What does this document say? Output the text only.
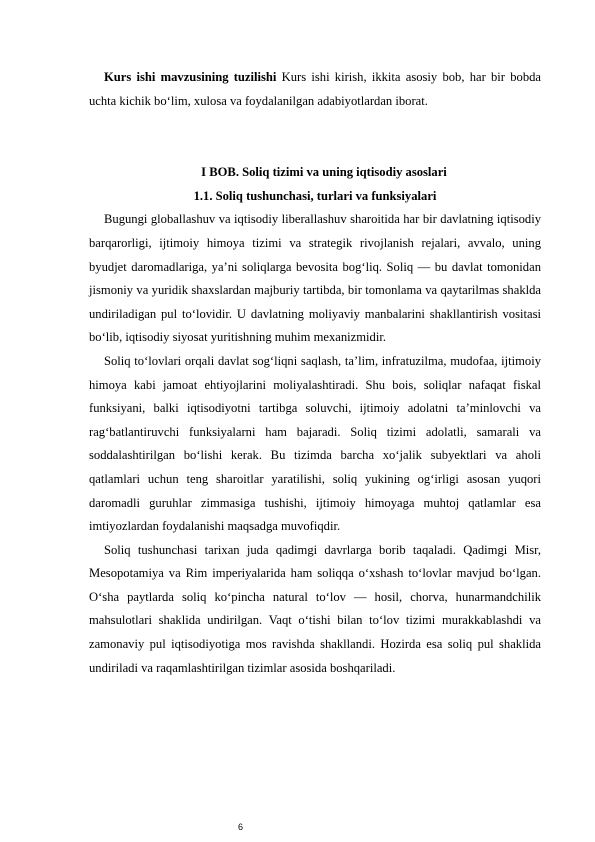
Kurs ishi mavzusining tuzilishi Kurs ishi kirish, ikkita asosiy bob, har bir bobda uchta kichik bo‘lim, xulosa va foydalanilgan adabiyotlardan iborat.

I BOB. Soliq tizimi va uning iqtisodiy asoslari
1.1. Soliq tushunchasi, turlari va funksiyalari

Bugungi globallashuv va iqtisodiy liberallashuv sharoitida har bir davlatning iqtisodiy barqarorligi, ijtimoiy himoya tizimi va strategik rivojlanish rejalari, avvalo, uning byudjet daromadlariga, ya’ni soliqlarga bevosita bog‘liq. Soliq — bu davlat tomonidan jismoniy va yuridik shaxslardan majburiy tartibda, bir tomonlama va qaytarilmas shaklda undiriladigan pul to‘lovidir. U davlatning moliyaviy manbalarini shakllantirish vositasi bo‘lib, iqtisodiy siyosat yuritishning muhim mexanizmidir.

Soliq to‘lovlari orqali davlat sog‘liqni saqlash, ta’lim, infratuzilma, mudofaa, ijtimoiy himoya kabi jamoat ehtiyojlarini moliyalashtiradi. Shu bois, soliqlar nafaqat fiskal funksiyani, balki iqtisodiyotni tartibga soluvchi, ijtimoiy adolatni ta’minlovchi va rag‘batlantiruvchi funksiyalarni ham bajaradi. Soliq tizimi adolatli, samarali va soddalashtirilgan bo‘lishi kerak. Bu tizimda barcha xo‘jalik subyektlari va aholi qatlamlari uchun teng sharoitlar yaratilishi, soliq yukining og‘irligi asosan yuqori daromadli guruhlar zimmasiga tushishi, ijtimoiy himoyaga muhtoj qatlamlar esa imtiyozlardan foydalanishi maqsadga muvofiqdir.

Soliq tushunchasi tarixan juda qadimgi davrlarga borib taqaladi. Qadimgi Misr, Mesopotamiya va Rim imperiyalarida ham soliqqa o‘xshash to‘lovlar mavjud bo‘lgan. O‘sha paytlarda soliq ko‘pincha natural to‘lov — hosil, chorva, hunarmandchilik mahsulotlari shaklida undirilgan. Vaqt o‘tishi bilan to‘lov tizimi murakkablashdi va zamonaviy pul iqtisodiyotiga mos ravishda shakllandi. Hozirda esa soliq pul shaklida undiriladi va raqamlashtirilgan tizimlar asosida boshqariladi.

6
